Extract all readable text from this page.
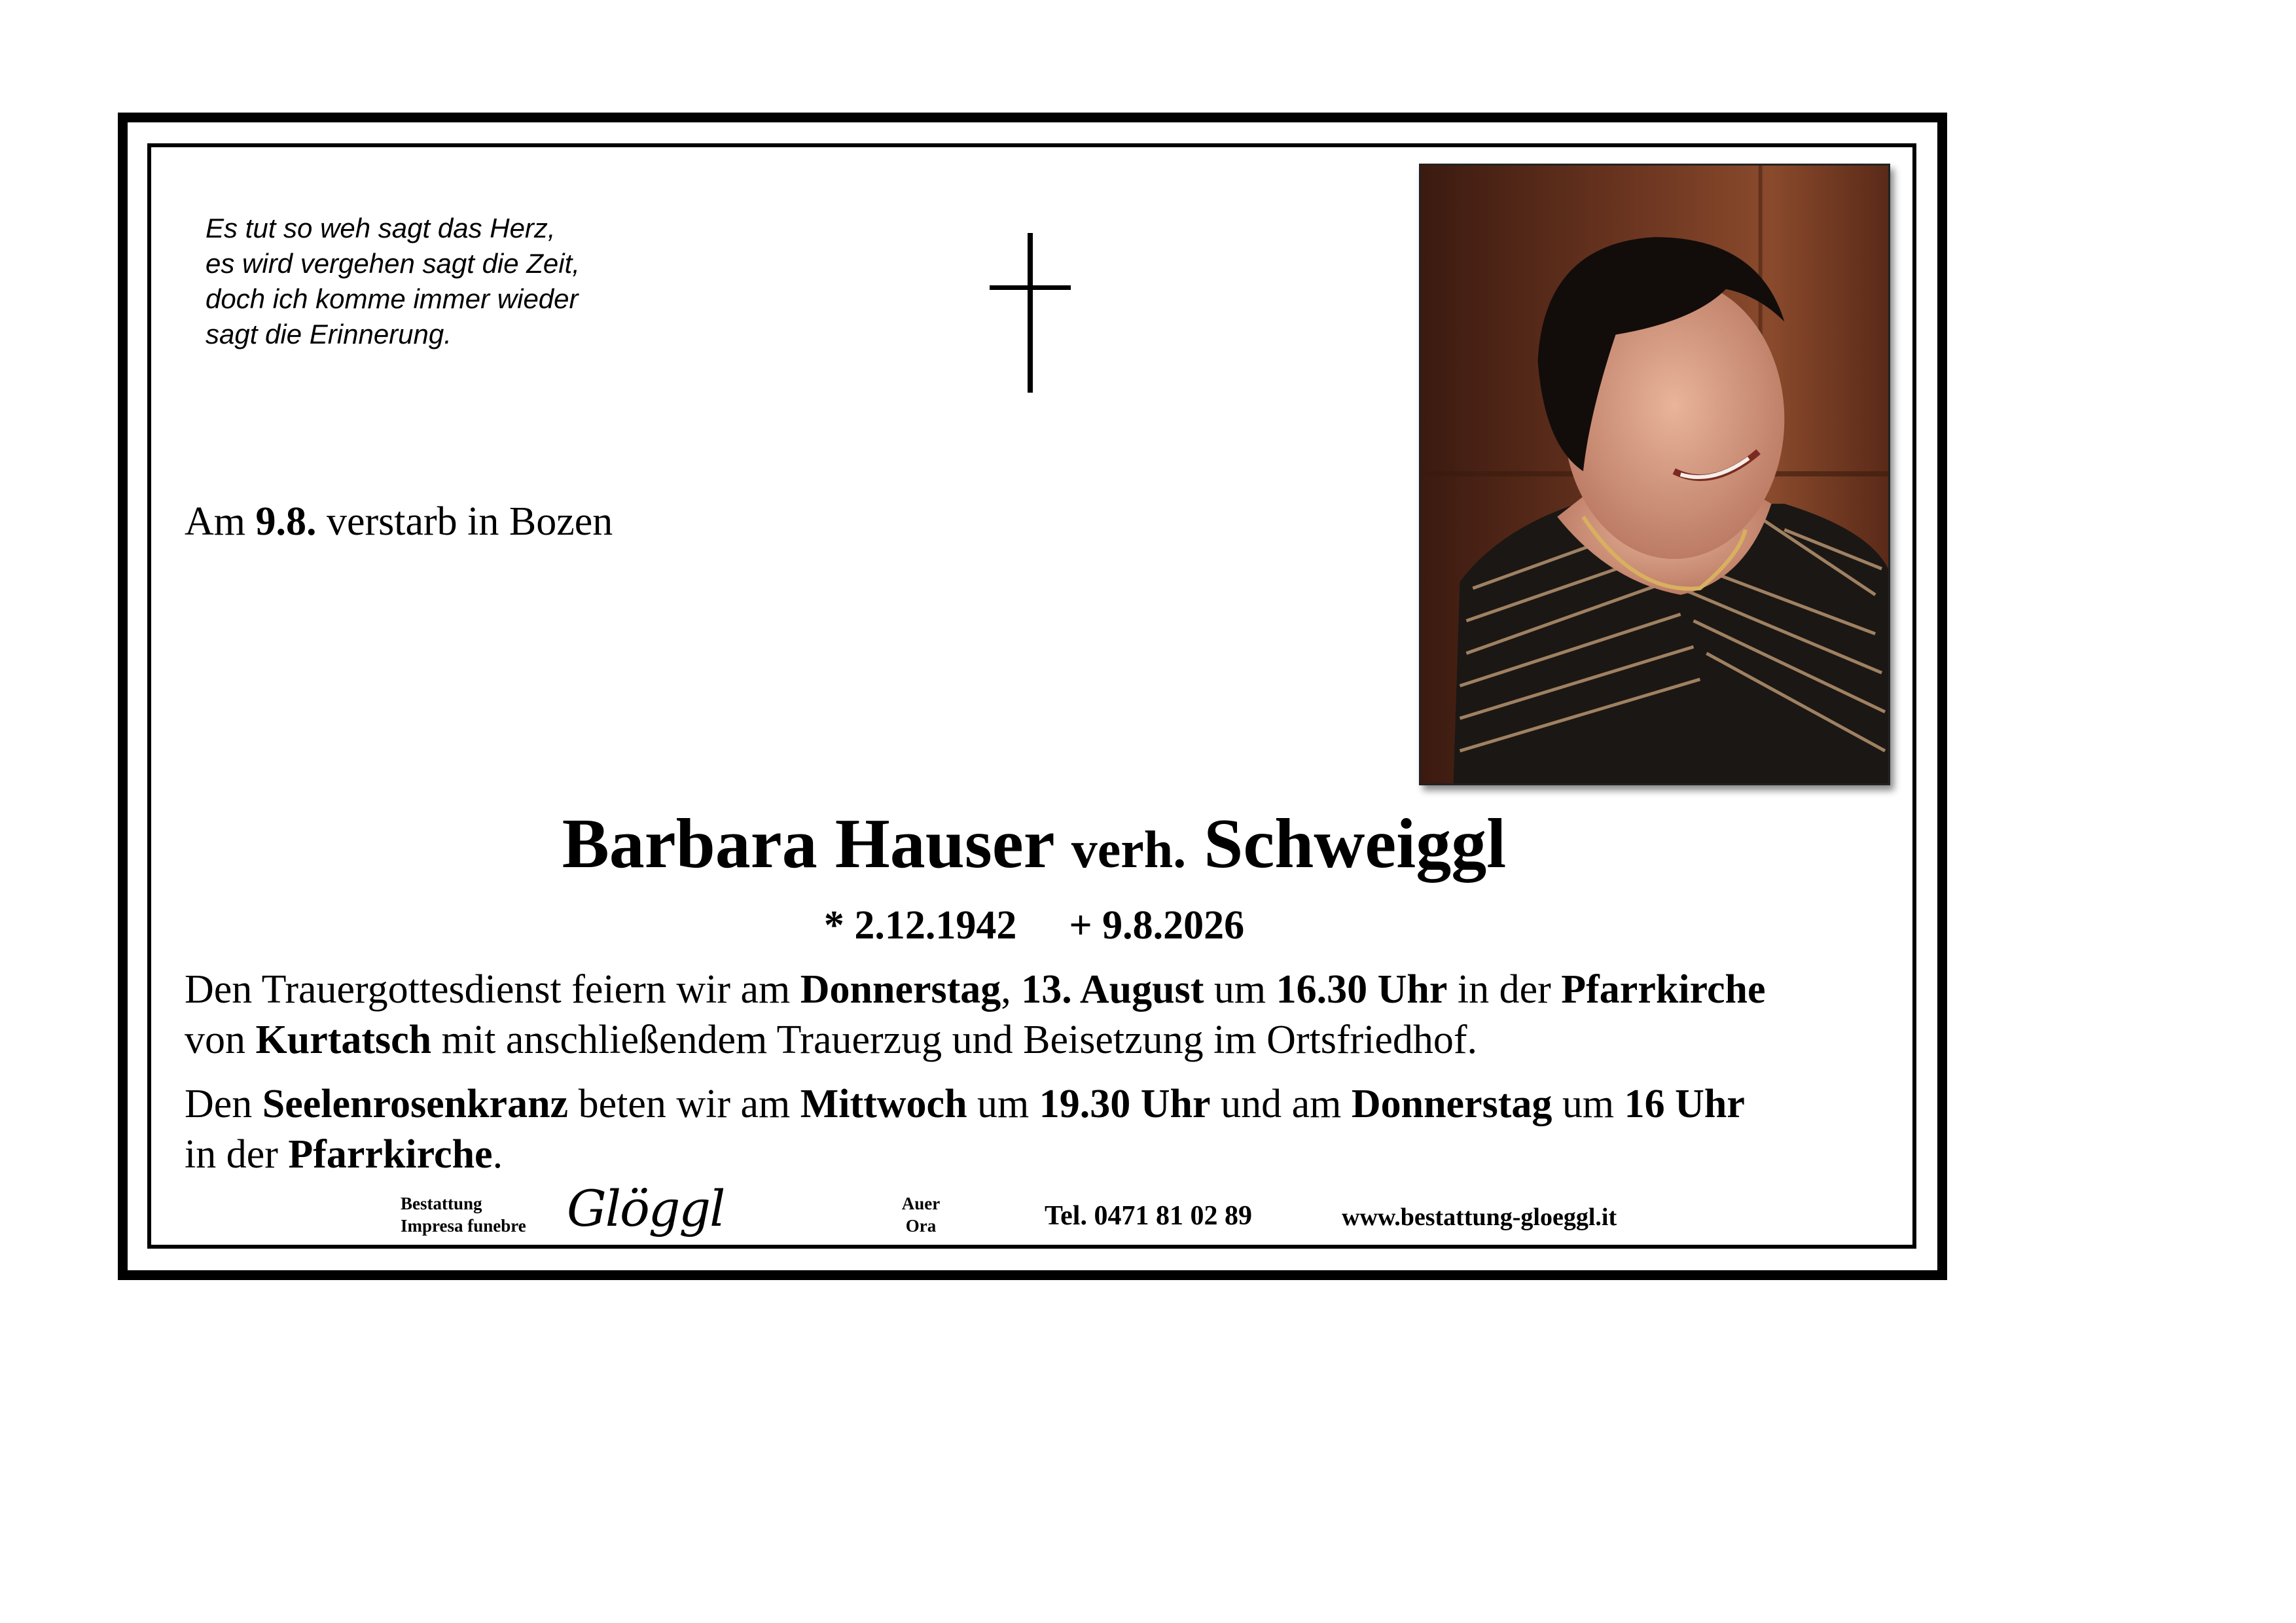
Es tut so weh sagt das Herz,
es wird vergehen sagt die Zeit,
doch ich komme immer wieder
sagt die Erinnerung.
Am 9.8. verstarb in Bozen
Barbara Hauser verh. Schweiggl
* 2.12.1942 + 9.8.2026
Den Trauergottesdienst feiern wir am Donnerstag, 13. August um 16.30 Uhr in der Pfarrkirche
von Kurtatsch mit anschließendem Trauerzug und Beisetzung im Ortsfriedhof.
Den Seelenrosenkranz beten wir am Mittwoch um 19.30 Uhr und am Donnerstag um 16 Uhr
in der Pfarrkirche.
Bestattung
Impresa funebre Glöggl	Auer
Ora	Tel. 0471 81 02 89	www.bestattung-gloeggl.it
